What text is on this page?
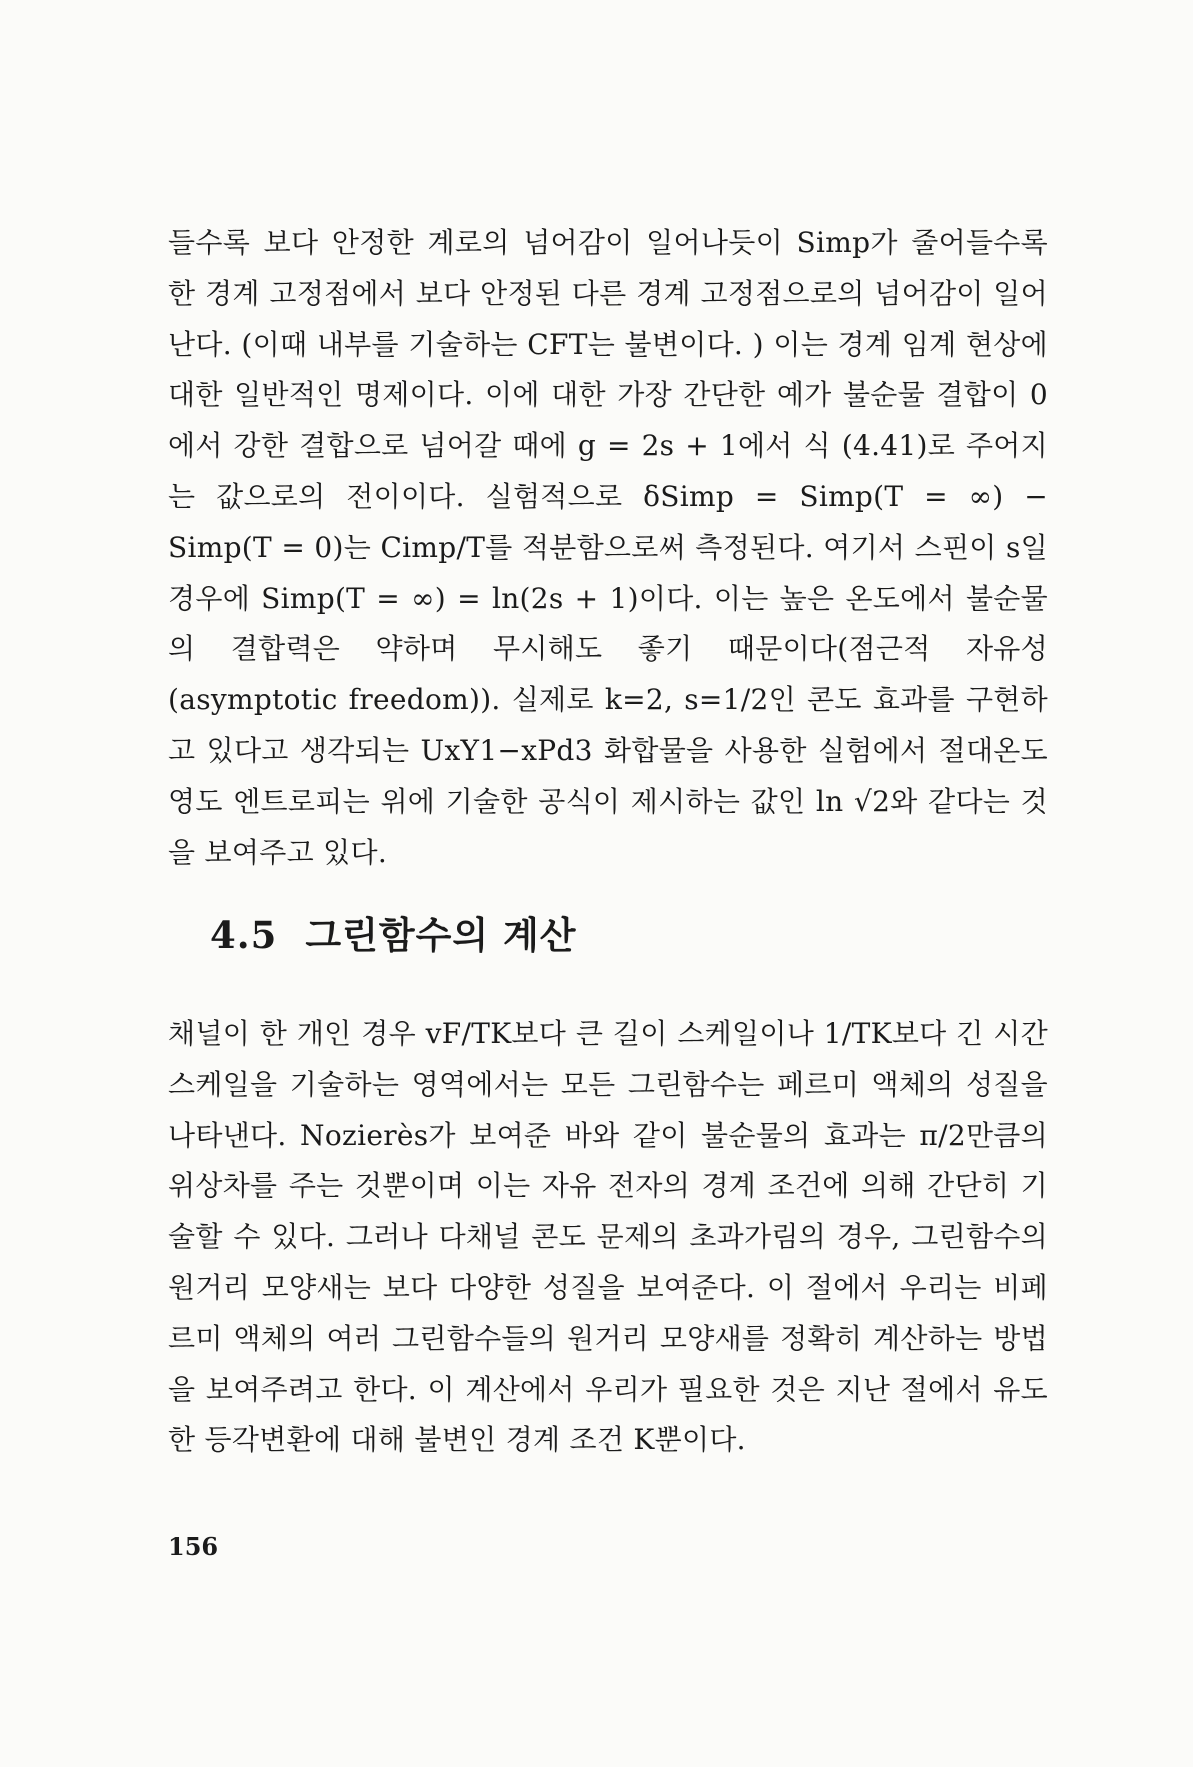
들수록 보다 안정한 계로의 넘어감이 일어나듯이 Simp가 줄어들수록 한 경계 고정점에서 보다 안정된 다른 경계 고정점으로의 넘어감이 일어난다. (이때 내부를 기술하는 CFT는 불변이다. ) 이는 경계 임계 현상에 대한 일반적인 명제이다. 이에 대한 가장 간단한 예가 불순물 결합이 0에서 강한 결합으로 넘어갈 때에 g = 2s + 1에서 식 (4.41)로 주어지는 값으로의 전이이다. 실험적으로 δSimp = Simp(T = ∞) − Simp(T = 0)는 Cimp/T를 적분함으로써 측정된다. 여기서 스핀이 s일 경우에 Simp(T = ∞) = ln(2s + 1)이다. 이는 높은 온도에서 불순물의 결합력은 약하며 무시해도 좋기 때문이다(점근적 자유성(asymptotic freedom)). 실제로 k=2, s=1/2인 콘도 효과를 구현하고 있다고 생각되는 UxY1−xPd3 화합물을 사용한 실험에서 절대온도 영도 엔트로피는 위에 기술한 공식이 제시하는 값인 ln √2와 같다는 것을 보여주고 있다.

4.5 그린함수의 계산

채널이 한 개인 경우 vF/TK보다 큰 길이 스케일이나 1/TK보다 긴 시간 스케일을 기술하는 영역에서는 모든 그린함수는 페르미 액체의 성질을 나타낸다. Nozierès가 보여준 바와 같이 불순물의 효과는 π/2만큼의 위상차를 주는 것뿐이며 이는 자유 전자의 경계 조건에 의해 간단히 기술할 수 있다. 그러나 다채널 콘도 문제의 초과가림의 경우, 그린함수의 원거리 모양새는 보다 다양한 성질을 보여준다. 이 절에서 우리는 비페르미 액체의 여러 그린함수들의 원거리 모양새를 정확히 계산하는 방법을 보여주려고 한다. 이 계산에서 우리가 필요한 것은 지난 절에서 유도한 등각변환에 대해 불변인 경계 조건 K뿐이다.

156
